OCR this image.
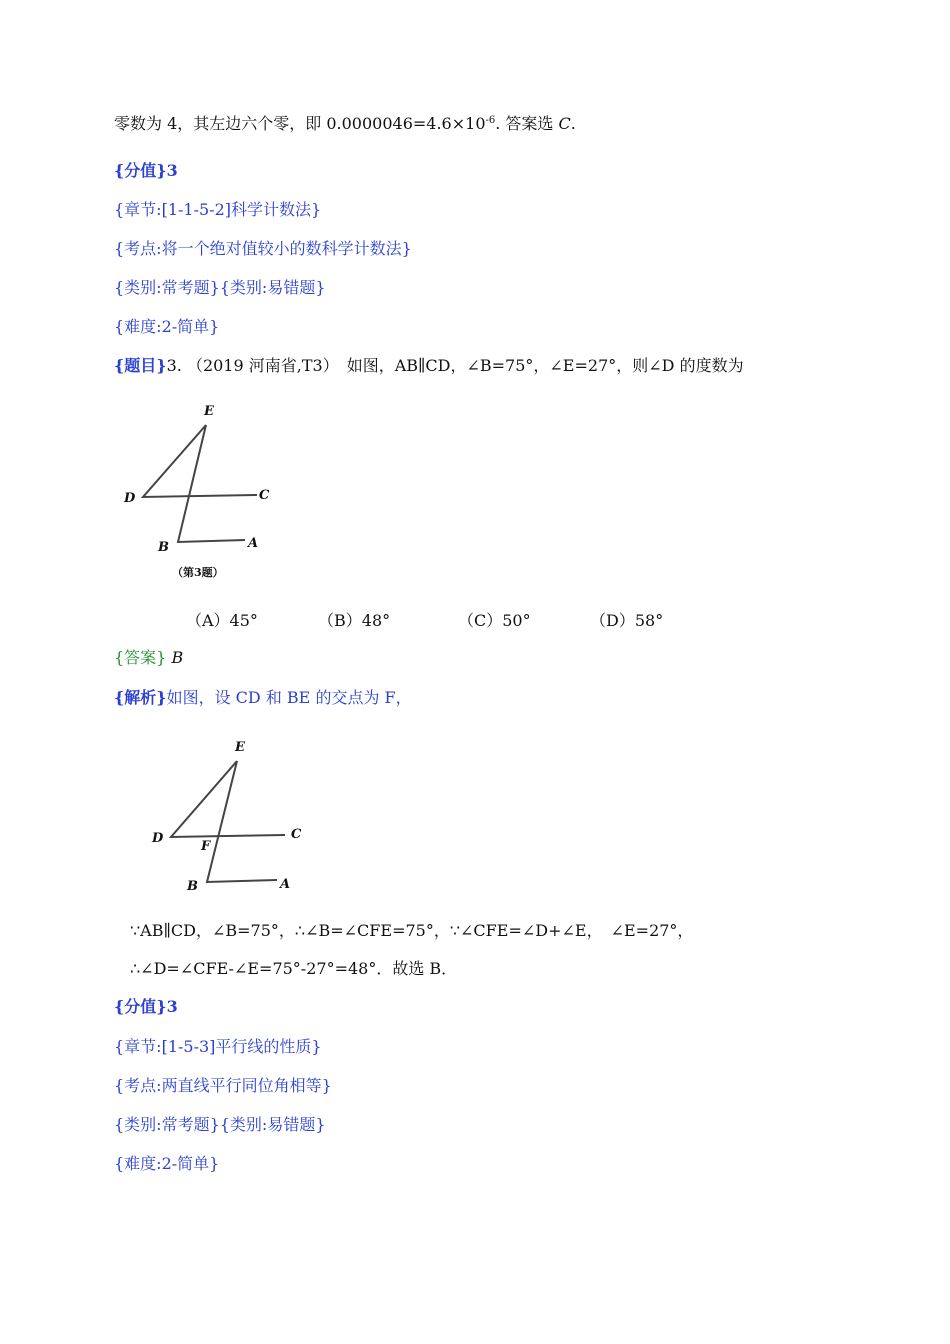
零数为 4，其左边六个零，即 $0.0000046=4.6\times 10^{-6}$. 答案选 C.
{分值}3
{章节:[1-1-5-2]科学计数法}
{考点:将一个绝对值较小的数科学计数法}
{类别:常考题}{类别:易错题}
{难度:2-简单}
{题目}3. （2019 河南省,T3）　如图，AB∥CD，∠B=75°，∠E=27°，则∠D 的度数为
E
D	C
B	A
（第3题）
（A）45°	（B）48°	（C）50°	（D）58°
{答案} B
{解析}如图，设 CD 和 BE 的交点为 F，
E
D	C
F
B	A
∵AB∥CD，∠B=75°，∴∠B=∠CFE=75°，∵∠CFE=∠D+∠E，　∠E=27°，
∴∠D=∠CFE-∠E=75°-27°=48°．故选 B．
{分值}3
{章节:[1-5-3]平行线的性质}
{考点:两直线平行同位角相等}
{类别:常考题}{类别:易错题}
{难度:2-简单}
